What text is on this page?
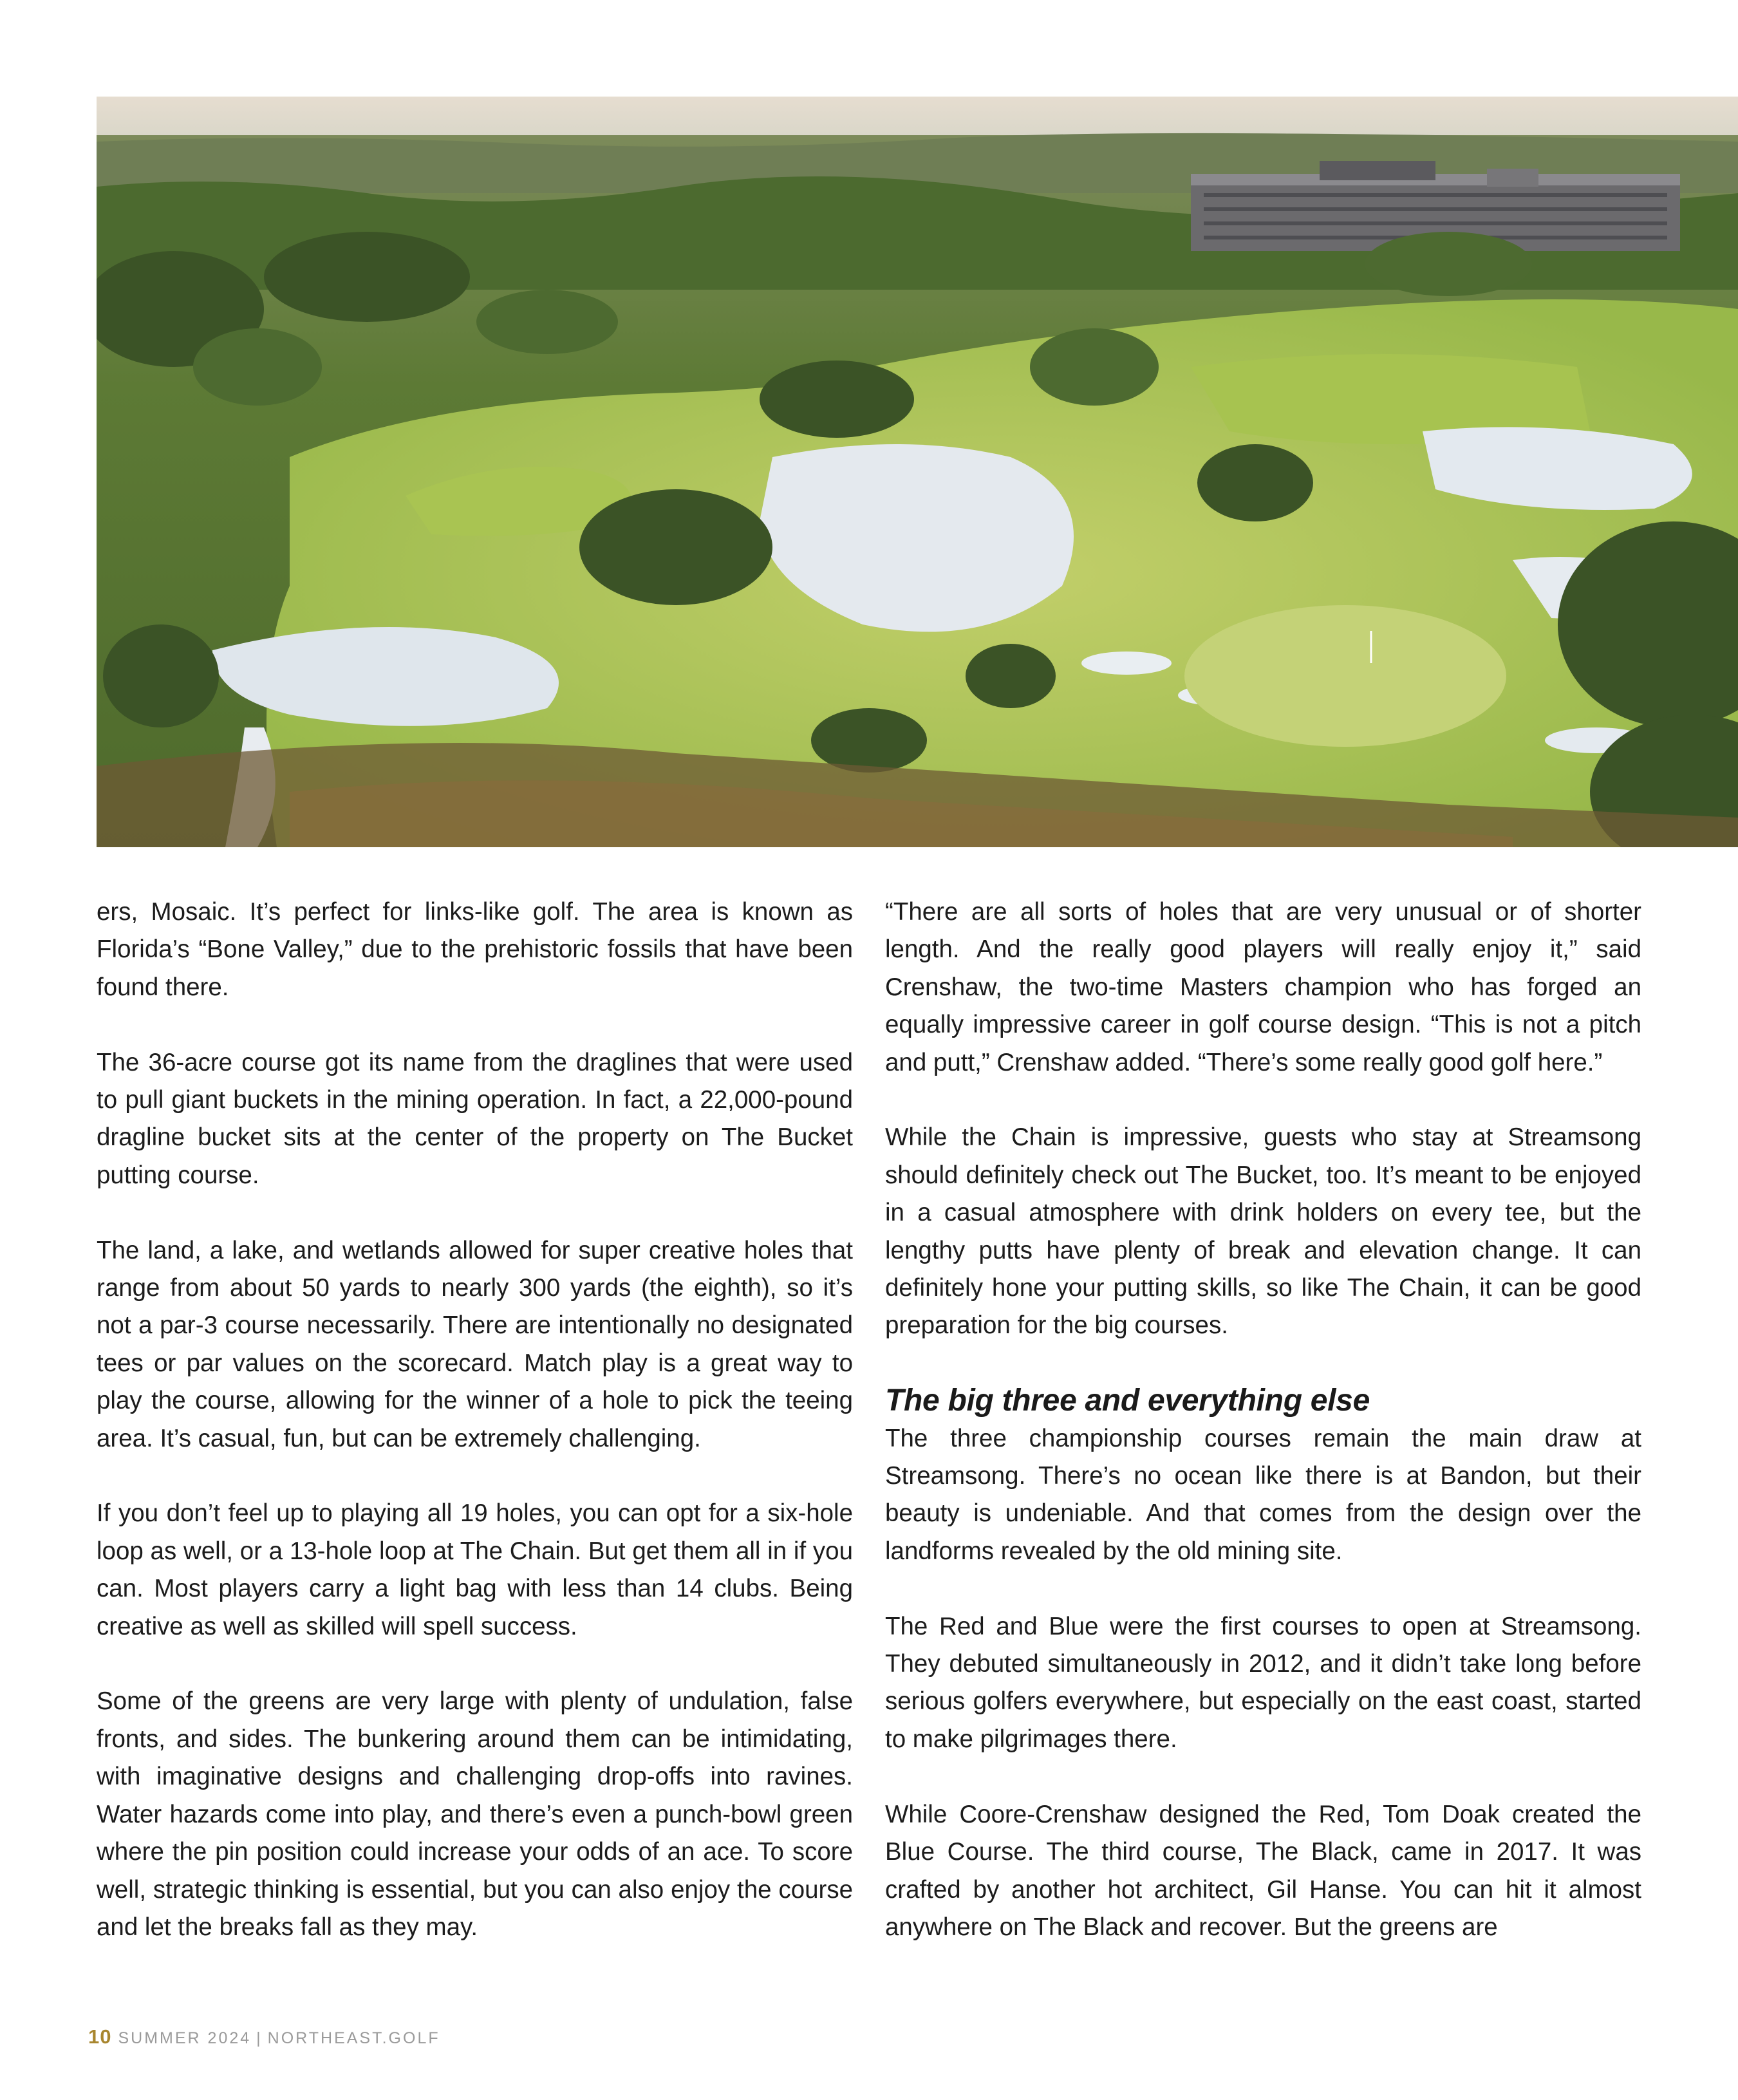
ers, Mosaic. It’s perfect for links-like golf. The area is known as Florida’s “Bone Valley,” due to the prehistoric fossils that have been found there.

The 36-acre course got its name from the draglines that were used to pull giant buckets in the mining operation. In fact, a 22,000-pound dragline bucket sits at the center of the property on The Bucket putting course.

The land, a lake, and wetlands allowed for super creative holes that range from about 50 yards to nearly 300 yards (the eighth), so it’s not a par-3 course necessarily. There are intentionally no designated tees or par values on the scorecard. Match play is a great way to play the course, allowing for the winner of a hole to pick the teeing area. It’s casual, fun, but can be extremely challenging.

If you don’t feel up to playing all 19 holes, you can opt for a six-hole loop as well, or a 13-hole loop at The Chain. But get them all in if you can. Most players carry a light bag with less than 14 clubs. Being creative as well as skilled will spell success.

Some of the greens are very large with plenty of undulation, false fronts, and sides. The bunkering around them can be intimidating, with imaginative designs and challenging drop-offs into ravines. Water hazards come into play, and there’s even a punch-bowl green where the pin position could increase your odds of an ace. To score well, strategic thinking is essential, but you can also enjoy the course and let the breaks fall as they may.

“There are all sorts of holes that are very unusual or of shorter length. And the really good players will really enjoy it,” said Crenshaw, the two-time Masters champion who has forged an equally impressive career in golf course design. “This is not a pitch and putt,” Crenshaw added. “There’s some really good golf here.”

While the Chain is impressive, guests who stay at Streamsong should definitely check out The Bucket, too. It’s meant to be enjoyed in a casual atmosphere with drink holders on every tee, but the lengthy putts have plenty of break and elevation change. It can definitely hone your putting skills, so like The Chain, it can be good preparation for the big courses.

The big three and everything else

The three championship courses remain the main draw at Streamsong. There’s no ocean like there is at Bandon, but their beauty is undeniable. And that comes from the design over the landforms revealed by the old mining site.

The Red and Blue were the first courses to open at Streamsong. They debuted simultaneously in 2012, and it didn’t take long before serious golfers everywhere, but especially on the east coast, started to make pilgrimages there.

While Coore-Crenshaw designed the Red, Tom Doak created the Blue Course. The third course, The Black, came in 2017. It was crafted by another hot architect, Gil Hanse. You can hit it almost anywhere on The Black and recover. But the greens are

10 SUMMER 2024 | NORTHEAST.GOLF
